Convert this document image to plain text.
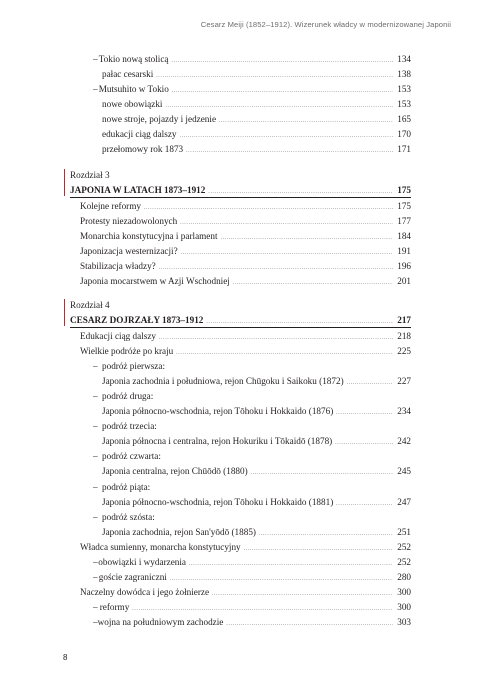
Cesarz Meiji (1852–1912). Wizerunek władcy w modernizowanej Japonii
– Tokio nową stolicą . . .	134
pałac cesarski . . .	138
– Mutsuhito w Tokio . . .	153
nowe obowiązki . . .	153
nowe stroje, pojazdy i jedzenie . . .	165
edukacji ciąg dalszy . . .	170
przełomowy rok 1873 . . .	171
Rozdział 3
JAPONIA W LATACH 1873–1912 . . .	175
Kolejne reformy . . .	175
Protesty niezadowolonych . . .	177
Monarchia konstytucyjna i parlament . . .	184
Japonizacja westernizacji? . . .	191
Stabilizacja władzy? . . .	196
Japonia mocarstwem w Azji Wschodniej . . .	201
Rozdział 4
CESARZ DOJRZAŁY 1873–1912 . . .	217
Edukacji ciąg dalszy . . .	218
Wielkie podróże po kraju . . .	225
– podróż pierwsza:
Japonia zachodnia i południowa, rejon Chūgoku i Saikoku (1872) . . .	227
– podróż druga:
Japonia północno-wschodnia, rejon Tōhoku i Hokkaido (1876) . . .	234
– podróż trzecia:
Japonia północna i centralna, rejon Hokuriku i Tōkaidō (1878) . . .	242
– podróż czwarta:
Japonia centralna, rejon Chūōdō (1880) . . .	245
– podróż piąta:
Japonia północno-wschodnia, rejon Tōhoku i Hokkaido (1881) . . .	247
– podróż szósta:
Japonia zachodnia, rejon San'yōdō (1885) . . .	251
Władca sumienny, monarcha konstytucyjny . . .	252
– obowiązki i wydarzenia . . .	252
– goście zagraniczni . . .	280
Naczelny dowódca i jego żołnierze . . .	300
– reformy . . .	300
– wojna na południowym zachodzie . . .	303
8
